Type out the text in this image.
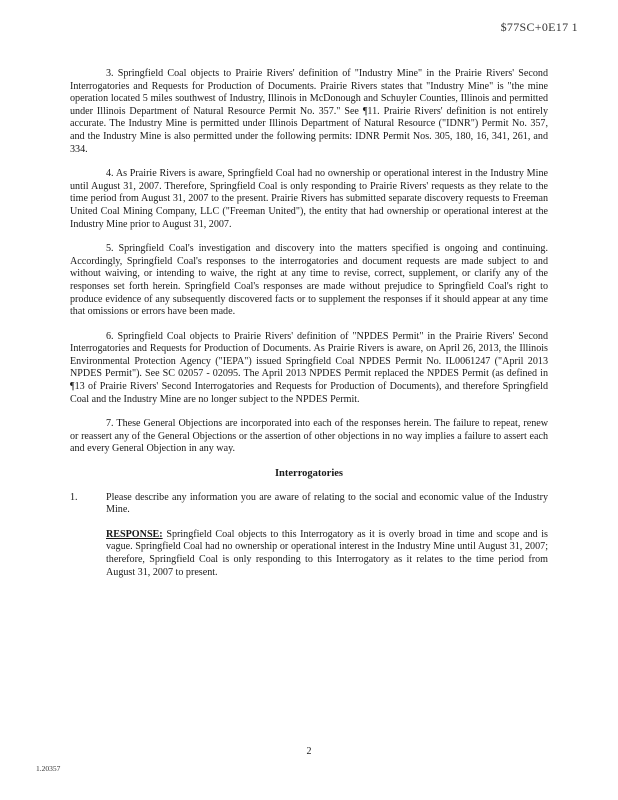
$77SC+0E17 1

3. Springfield Coal objects to Prairie Rivers' definition of "Industry Mine" in the Prairie Rivers' Second Interrogatories and Requests for Production of Documents. Prairie Rivers states that "Industry Mine" is "the mine operation located 5 miles southwest of Industry, Illinois in McDonough and Schuyler Counties, Illinois and permitted under Illinois Department of Natural Resource Permit No. 357." See ¶11. Prairie Rivers' definition is not entirely accurate. The Industry Mine is permitted under Illinois Department of Natural Resource ("IDNR") Permit No. 357, and the Industry Mine is also permitted under the following permits: IDNR Permit Nos. 305, 180, 16, 341, 261, and 334.

4. As Prairie Rivers is aware, Springfield Coal had no ownership or operational interest in the Industry Mine until August 31, 2007. Therefore, Springfield Coal is only responding to Prairie Rivers' requests as they relate to the time period from August 31, 2007 to the present. Prairie Rivers has submitted separate discovery requests to Freeman United Coal Mining Company, LLC ("Freeman United"), the entity that had ownership or operational interest at the Industry Mine prior to August 31, 2007.

5. Springfield Coal's investigation and discovery into the matters specified is ongoing and continuing. Accordingly, Springfield Coal's responses to the interrogatories and document requests are made subject to and without waiving, or intending to waive, the right at any time to revise, correct, supplement, or clarify any of the responses set forth herein. Springfield Coal's responses are made without prejudice to Springfield Coal's right to produce evidence of any subsequently discovered facts or to supplement the responses if it should appear at any time that omissions or errors have been made.

6. Springfield Coal objects to Prairie Rivers' definition of "NPDES Permit" in the Prairie Rivers' Second Interrogatories and Requests for Production of Documents. As Prairie Rivers is aware, on April 26, 2013, the Illinois Environmental Protection Agency ("IEPA") issued Springfield Coal NPDES Permit No. IL0061247 ("April 2013 NPDES Permit"). See SC 02057 - 02095. The April 2013 NPDES Permit replaced the NPDES Permit (as defined in ¶13 of Prairie Rivers' Second Interrogatories and Requests for Production of Documents), and therefore Springfield Coal and the Industry Mine are no longer subject to the NPDES Permit.

7. These General Objections are incorporated into each of the responses herein. The failure to repeat, renew or reassert any of the General Objections or the assertion of other objections in no way implies a failure to assert each and every General Objection in any way.

Interrogatories
1.	Please describe any information you are aware of relating to the social and economic value of the Industry Mine.
RESPONSE: Springfield Coal objects to this Interrogatory as it is overly broad in time and scope and is vague. Springfield Coal had no ownership or operational interest in the Industry Mine until August 31, 2007; therefore, Springfield Coal is only responding to this Interrogatory as it relates to the time period from August 31, 2007 to present.
2
1.20357
